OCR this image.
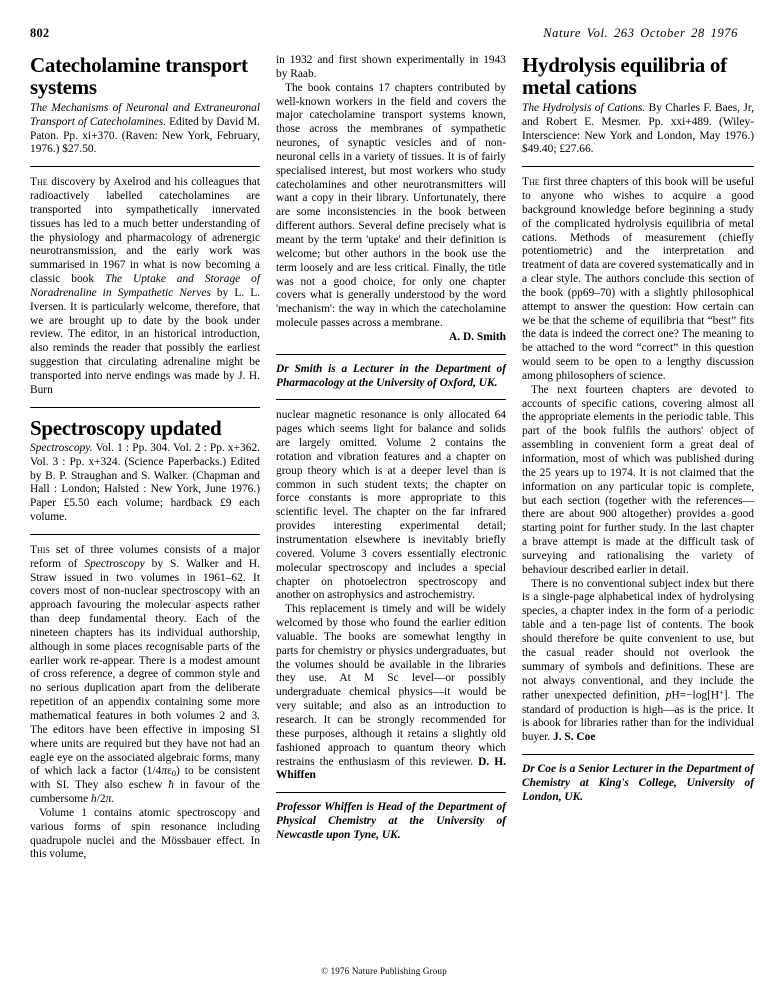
802	Nature Vol. 263 October 28 1976
Catecholamine transport systems

The Mechanisms of Neuronal and Extraneuronal Transport of Catecholamines. Edited by David M. Paton. Pp. xi+370. (Raven: New York, February, 1976.) $27.50.

The discovery by Axelrod and his colleagues that radioactively labelled catecholamines are transported into sympathetically innervated tissues has led to a much better understanding of the physiology and pharmacology of adrenergic neurotransmission, and the early work was summarised in 1967 in what is now becoming a classic book The Uptake and Storage of Noradrenaline in Sympathetic Nerves by L. L. Iversen. It is particularly welcome, therefore, that we are brought up to date by the book under review. The editor, in an historical introduction, also reminds the reader that possibly the earliest suggestion that circulating adrenaline might be transported into nerve endings was made by J. H. Burn

Spectroscopy updated

Spectroscopy. Vol. 1 : Pp. 304. Vol. 2 : Pp. x+362. Vol. 3 : Pp. x+324. (Science Paperbacks.) Edited by B. P. Straughan and S. Walker. (Chapman and Hall : London; Halsted : New York, June 1976.) Paper £5.50 each volume; hardback £9 each volume.

This set of three volumes consists of a major reform of Spectroscopy by S. Walker and H. Straw issued in two volumes in 1961–62. It covers most of non-nuclear spectroscopy with an approach favouring the molecular aspects rather than deep fundamental theory. Each of the nineteen chapters has its individual authorship, although in some places recognisable parts of the earlier work re-appear. There is a modest amount of cross reference, a degree of common style and no serious duplication apart from the deliberate repetition of an appendix containing some more mathematical features in both volumes 2 and 3. The editors have been effective in imposing SI where units are required but they have not had an eagle eye on the associated algebraic forms, many of which lack a factor $(1/4\pi\varepsilon_0)$ to be consistent with SI. They also eschew ħ in favour of the cumbersome h/2π.

Volume 1 contains atomic spectroscopy and various forms of spin resonance including quadrupole nuclei and the Mössbauer effect. In this volume,

in 1932 and first shown experimentally in 1943 by Raab.

The book contains 17 chapters contributed by well-known workers in the field and covers the major catecholamine transport systems known, those across the membranes of sympathetic neurones, of synaptic vesicles and of non-neuronal cells in a variety of tissues. It is of fairly specialised interest, but most workers who study catecholamines and other neurotransmitters will want a copy in their library. Unfortunately, there are some inconsistencies in the book between different authors. Several define precisely what is meant by the term 'uptake' and their definition is welcome; but other authors in the book use the term loosely and are less critical. Finally, the title was not a good choice, for only one chapter covers what is generally understood by the word 'mechanism': the way in which the catecholamine molecule passes across a membrane.

A. D. Smith

Dr Smith is a Lecturer in the Department of Pharmacology at the University of Oxford, UK.

nuclear magnetic resonance is only allocated 64 pages which seems light for balance and solids are largely omitted. Volume 2 contains the rotation and vibration features and a chapter on group theory which is at a deeper level than is common in such student texts; the chapter on force constants is more appropriate to this scientific level. The chapter on the far infrared provides interesting experimental detail; instrumentation elsewhere is inevitably briefly covered. Volume 3 covers essentially electronic molecular spectroscopy and includes a special chapter on photoelectron spectroscopy and another on astrophysics and astrochemistry.

This replacement is timely and will be widely welcomed by those who found the earlier edition valuable. The books are somewhat lengthy in parts for chemistry or physics undergraduates, but the volumes should be available in the libraries they use. At M Sc level—or possibly undergraduate chemical physics—it would be very suitable; and also as an introduction to research. It can be strongly recommended for these purposes, although it retains a slightly old fashioned approach to quantum theory which restrains the enthusiasm of this reviewer. D. H. Whiffen

Professor Whiffen is Head of the Department of Physical Chemistry at the University of Newcastle upon Tyne, UK.

Hydrolysis equilibria of metal cations

The Hydrolysis of Cations. By Charles F. Baes, Jr, and Robert E. Mesmer. Pp. xxi+489. (Wiley-Interscience: New York and London, May 1976.) $49.40; £27.66.

The first three chapters of this book will be useful to anyone who wishes to acquire a good background knowledge before beginning a study of the complicated hydrolysis equilibria of metal cations. Methods of measurement (chiefly potentiometric) and the interpretation and treatment of data are covered systematically and in a clear style. The authors conclude this section of the book (pp69–70) with a slightly philosophical attempt to answer the question: How certain can we be that the scheme of equilibria that “best” fits the data is indeed the correct one? The meaning to be attached to the word “correct” in this question would seem to be open to a lengthy discussion among philosophers of science.

The next fourteen chapters are devoted to accounts of specific cations, covering almost all the appropriate elements in the periodic table. This part of the book fulfils the authors' object of assembling in convenient form a great deal of information, most of which was published during the 25 years up to 1974. It is not claimed that the information on any particular topic is complete, but each section (together with the references—there are about 900 altogether) provides a good starting point for further study. In the last chapter a brave attempt is made at the difficult task of surveying and rationalising the variety of behaviour described earlier in detail.

There is no conventional subject index but there is a single-page alphabetical index of hydrolysing species, a chapter index in the form of a periodic table and a ten-page list of contents. The book should therefore be quite convenient to use, but the casual reader should not overlook the summary of symbols and definitions. These are not always conventional, and they include the rather unexpected definition, pH=−log[H+]. The standard of production is high—as is the price. It is abook for libraries rather than for the individual buyer. J. S. Coe

Dr Coe is a Senior Lecturer in the Department of Chemistry at King's College, University of London, UK.

© 1976 Nature Publishing Group
